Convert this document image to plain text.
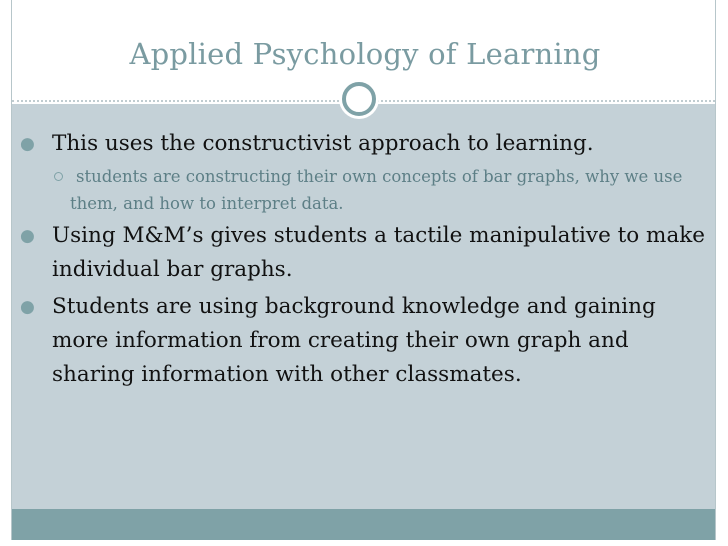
Applied Psychology of Learning
● This uses the constructivist approach to learning.
students are constructing their own concepts of bar graphs, why we use them, and how to interpret data.
● Using M&M’s gives students a tactile manipulative to make individual bar graphs.
● Students are using background knowledge and gaining more information from creating their own graph and sharing information with other classmates.
